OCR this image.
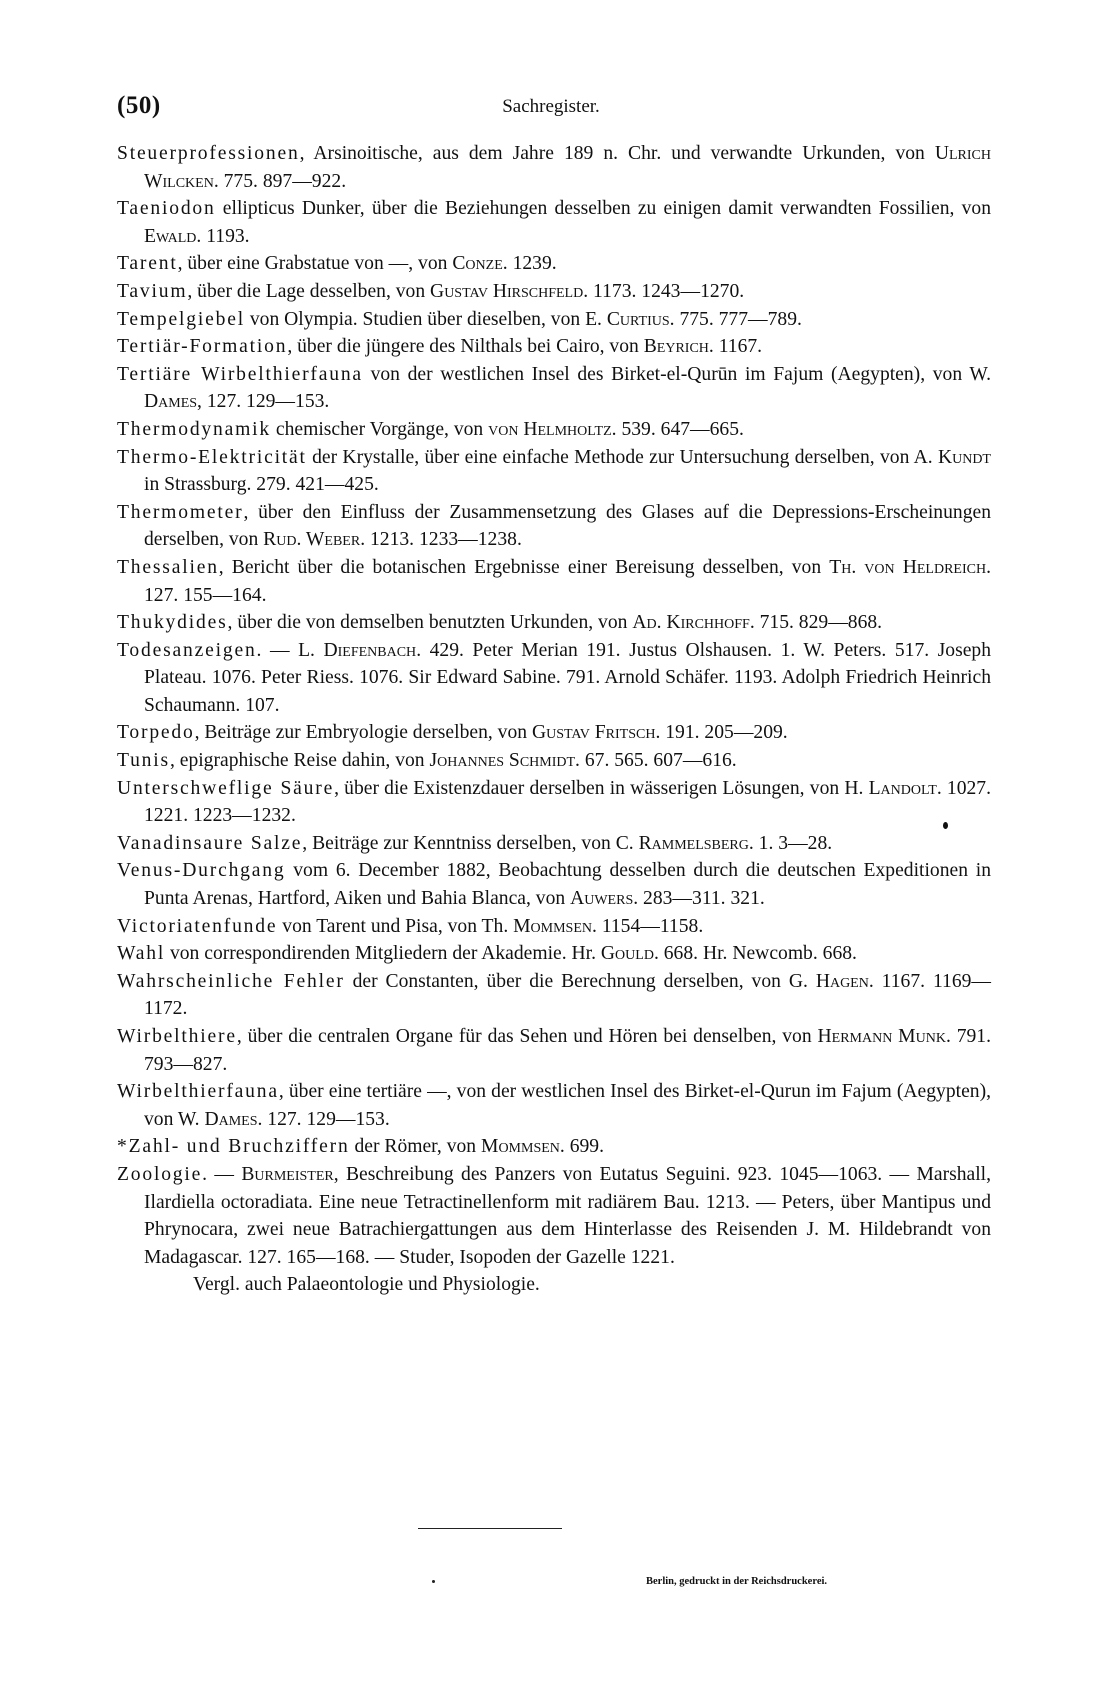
(50)	Sachregister.

Steuerprofessionen, Arsinoitische, aus dem Jahre 189 n. Chr. und verwandte Urkunden, von Ulrich Wilcken. 775. 897—922.

Taeniodon ellipticus Dunker, über die Beziehungen desselben zu einigen damit verwandten Fossilien, von Ewald. 1193.

Tarent, über eine Grabstatue von —, von Conze. 1239.

Tavium, über die Lage desselben, von Gustav Hirschfeld. 1173. 1243—1270.

Tempelgiebel von Olympia. Studien über dieselben, von E. Curtius. 775. 777—789.

Tertiär-Formation, über die jüngere des Nilthals bei Cairo, von Beyrich. 1167.

Tertiäre Wirbelthierfauna von der westlichen Insel des Birket-el-Qurūn im Fajum (Aegypten), von W. Dames, 127. 129—153.

Thermodynamik chemischer Vorgänge, von von Helmholtz. 539. 647—665.

Thermo-Elektricität der Krystalle, über eine einfache Methode zur Untersuchung derselben, von A. Kundt in Strassburg. 279. 421—425.

Thermometer, über den Einfluss der Zusammensetzung des Glases auf die Depressions-Erscheinungen derselben, von Rud. Weber. 1213. 1233—1238.

Thessalien, Bericht über die botanischen Ergebnisse einer Bereisung desselben, von Th. von Heldreich. 127. 155—164.

Thukydides, über die von demselben benutzten Urkunden, von Ad. Kirchhoff. 715. 829—868.

Todesanzeigen. — L. Diefenbach. 429. Peter Merian 191. Justus Olshausen. 1. W. Peters. 517. Joseph Plateau. 1076. Peter Riess. 1076. Sir Edward Sabine. 791. Arnold Schäfer. 1193. Adolph Friedrich Heinrich Schaumann. 107.

Torpedo, Beiträge zur Embryologie derselben, von Gustav Fritsch. 191. 205—209.

Tunis, epigraphische Reise dahin, von Johannes Schmidt. 67. 565. 607—616.

Unterschweflige Säure, über die Existenzdauer derselben in wässerigen Lösungen, von H. Landolt. 1027. 1221. 1223—1232.

Vanadinsaure Salze, Beiträge zur Kenntniss derselben, von C. Rammelsberg. 1. 3—28.

Venus-Durchgang vom 6. December 1882, Beobachtung desselben durch die deutschen Expeditionen in Punta Arenas, Hartford, Aiken und Bahia Blanca, von Auwers. 283—311. 321.

Victoriatenfunde von Tarent und Pisa, von Th. Mommsen. 1154—1158.

Wahl von correspondirenden Mitgliedern der Akademie. Hr. Gould. 668. Hr. Newcomb. 668.

Wahrscheinliche Fehler der Constanten, über die Berechnung derselben, von G. Hagen. 1167. 1169—1172.

Wirbelthiere, über die centralen Organe für das Sehen und Hören bei denselben, von Hermann Munk. 791. 793—827.

Wirbelthierfauna, über eine tertiäre —, von der westlichen Insel des Birket-el-Qurun im Fajum (Aegypten), von W. Dames. 127. 129—153.

*Zahl- und Bruchziffern der Römer, von Mommsen. 699.

Zoologie. — Burmeister, Beschreibung des Panzers von Eutatus Seguini. 923. 1045—1063. — Marshall, Ilardiella octoradiata. Eine neue Tetractinellenform mit radiärem Bau. 1213. — Peters, über Mantipus und Phrynocara, zwei neue Batrachiergattungen aus dem Hinterlasse des Reisenden J. M. Hildebrandt von Madagascar. 127. 165—168. — Studer, Isopoden der Gazelle 1221.

Vergl. auch Palaeontologie und Physiologie.

Berlin, gedruckt in der Reichsdruckerei.
